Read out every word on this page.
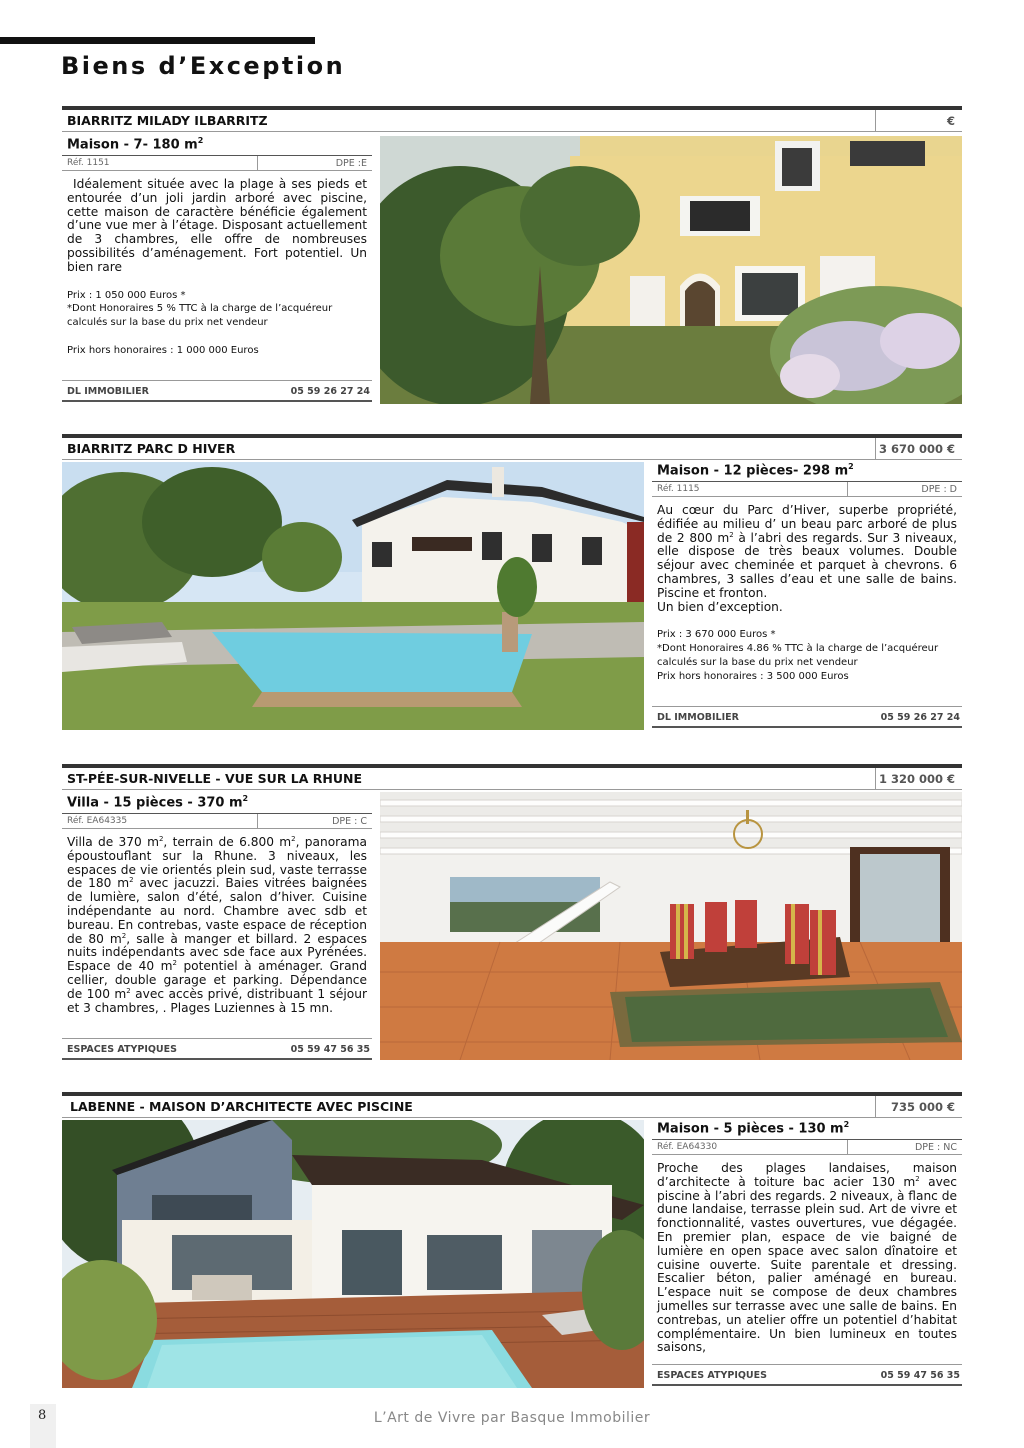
Biens d’Exception
BIARRITZ MILADY ILBARRITZ	€
Maison - 7- 180 $m^2$
Réf. 1151	DPE :E
Idéalement située avec la plage à ses pieds et entourée d’un joli jardin arboré avec piscine, cette maison de caractère bénéficie également d’une vue mer à l’étage. Disposant actuellement de 3 chambres, elle offre de nombreuses possibilités d’aménagement. Fort potentiel. Un bien rare
Prix : 1 050 000 Euros *
*Dont Honoraires 5 % TTC à la charge de l’acquéreur calculés sur la base du prix net vendeur
Prix hors honoraires : 1 000 000 Euros
DL IMMOBILIER	05 59 26 27 24
BIARRITZ PARC D HIVER	3 670 000 €
Maison - 12 pièces- 298 $m^2$
Réf. 1115	DPE : D
Au cœur du Parc d’Hiver, superbe propriété, édifiée au milieu d’ un beau parc arboré de plus de 2 800 $m^2$ à l’abri des regards. Sur 3 niveaux, elle dispose de très beaux volumes. Double séjour avec cheminée et parquet à chevrons. 6 chambres, 3 salles d’eau et une salle de bains. Piscine et fronton.
Un bien d’exception.
Prix : 3 670 000 Euros *
*Dont Honoraires 4.86 % TTC à la charge de l’acquéreur calculés sur la base du prix net vendeur
Prix hors honoraires : 3 500 000 Euros
DL IMMOBILIER	05 59 26 27 24
ST-PÉE-SUR-NIVELLE - VUE SUR LA RHUNE	1 320 000 €
Villa - 15 pièces - 370 $m^2$
Réf. EA64335	DPE : C
Villa de 370 $m^2$, terrain de 6.800 $m^2$, panorama époustouflant sur la Rhune. 3 niveaux, les espaces de vie orientés plein sud, vaste terrasse de 180 $m^2$ avec jacuzzi. Baies vitrées baignées de lumière, salon d’été, salon d’hiver. Cuisine indépendante au nord. Chambre avec sdb et bureau. En contrebas, vaste espace de réception de 80 $m^2$, salle à manger et billard. 2 espaces nuits indépendants avec sde face aux Pyrénées. Espace de 40 $m^2$ potentiel à aménager. Grand cellier, double garage et parking. Dépendance de 100 $m^2$ avec accès privé, distribuant 1 séjour et 3 chambres, . Plages Luziennes à 15 mn.
ESPACES ATYPIQUES	05 59 47 56 35
LABENNE - MAISON D’ARCHITECTE AVEC PISCINE	735 000 €
Maison - 5 pièces - 130 $m^2$
Réf. EA64330	DPE : NC
Proche des plages landaises, maison d’architecte à toiture bac acier 130 $m^2$ avec piscine à l’abri des regards. 2 niveaux, à flanc de dune landaise, terrasse plein sud. Art de vivre et fonctionnalité, vastes ouvertures, vue dégagée. En premier plan, espace de vie baigné de lumière en open space avec salon dînatoire et cuisine ouverte. Suite parentale et dressing. Escalier béton, palier aménagé en bureau. L’espace nuit se compose de deux chambres jumelles sur terrasse avec une salle de bains. En contrebas, un atelier offre un potentiel d’habitat complémentaire. Un bien lumineux en toutes saisons,
ESPACES ATYPIQUES	05 59 47 56 35
8	L’Art de Vivre par Basque Immobilier
